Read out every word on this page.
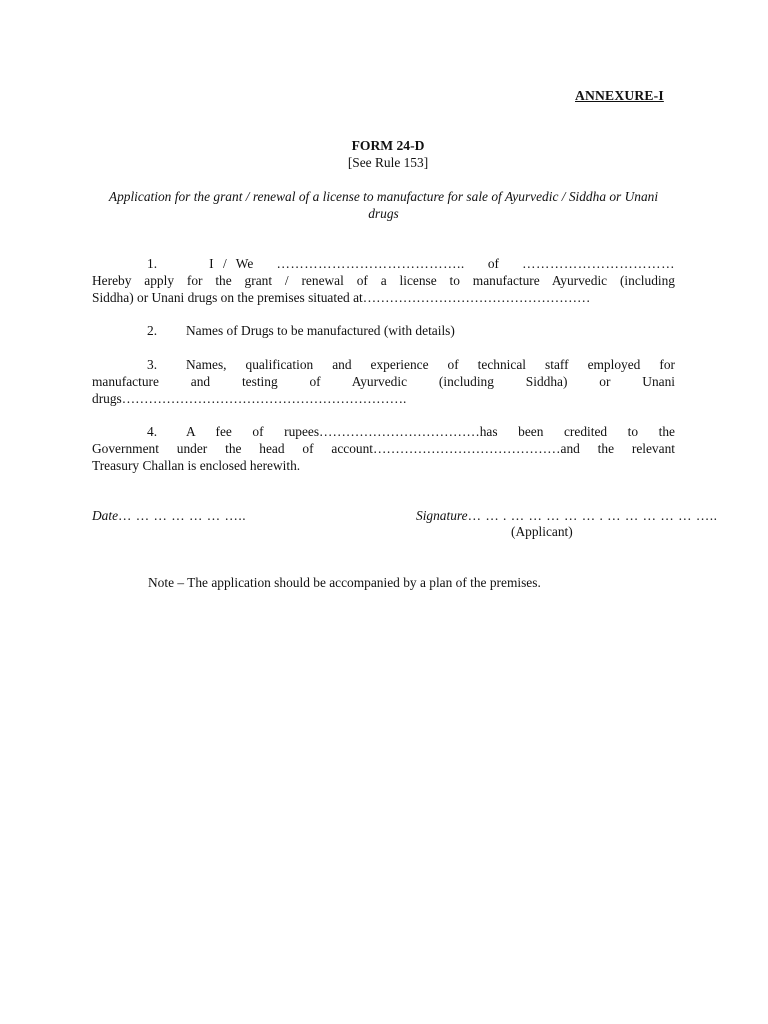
ANNEXURE-I
FORM 24-D
[See Rule 153]
Application for the grant / renewal of a license to manufacture for sale of Ayurvedic / Siddha or Unani drugs
1.	I / We ………………………………….. of ……………………………
Hereby apply for the grant / renewal of a license to manufacture Ayurvedic (including
Siddha) or Unani drugs on the premises situated at……………………………………………
2.	Names of Drugs to be manufactured (with details)
3.	Names, qualification and experience of technical staff employed for
manufacture and testing of Ayurvedic (including Siddha) or Unani
drugs……………………………………………………….
4.	A fee of rupees………………………………has been credited to the
Government under the head of account……………………………………and the relevant
Treasury Challan is enclosed herewith.
Date… … … … … … …..	Signature… … . … … … … … . … … … … … …..
(Applicant)
Note – The application should be accompanied by a plan of the premises.
